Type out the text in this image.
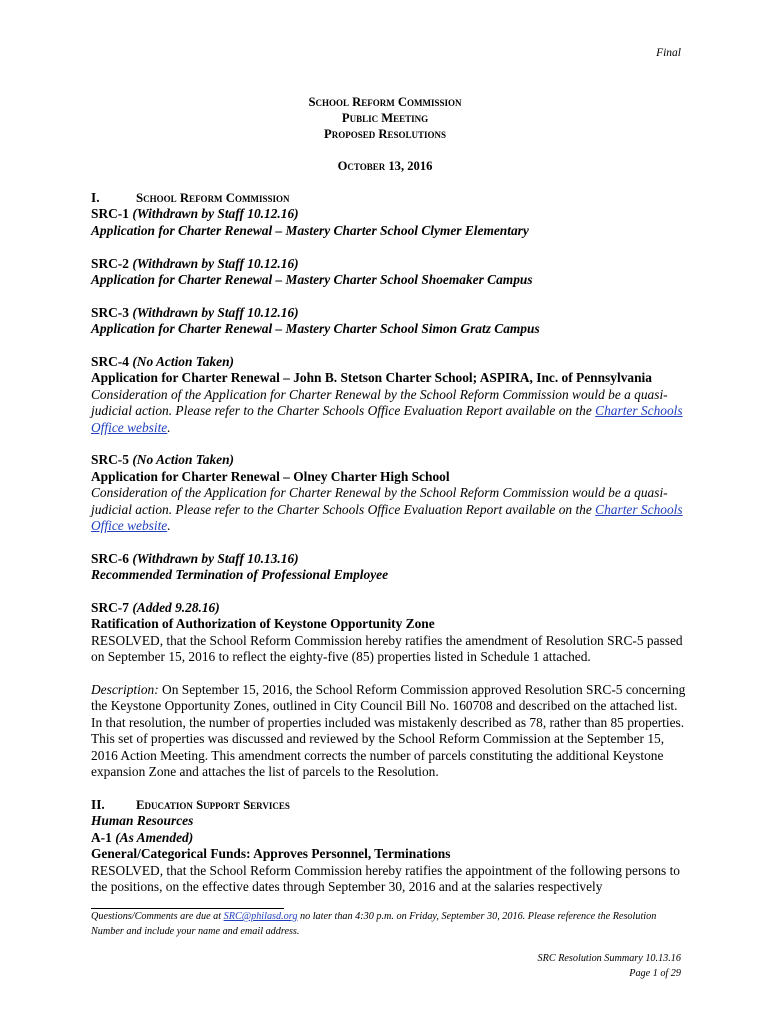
Final
School Reform Commission
Public Meeting
Proposed Resolutions
October 13, 2016
I.	School Reform Commission
SRC-1 (Withdrawn by Staff 10.12.16)
Application for Charter Renewal – Mastery Charter School Clymer Elementary
SRC-2 (Withdrawn by Staff 10.12.16)
Application for Charter Renewal – Mastery Charter School Shoemaker Campus
SRC-3 (Withdrawn by Staff 10.12.16)
Application for Charter Renewal – Mastery Charter School Simon Gratz Campus
SRC-4 (No Action Taken)
Application for Charter Renewal – John B. Stetson Charter School; ASPIRA, Inc. of Pennsylvania
Consideration of the Application for Charter Renewal by the School Reform Commission would be a quasi-judicial action. Please refer to the Charter Schools Office Evaluation Report available on the Charter Schools Office website.
SRC-5 (No Action Taken)
Application for Charter Renewal – Olney Charter High School
Consideration of the Application for Charter Renewal by the School Reform Commission would be a quasi-judicial action. Please refer to the Charter Schools Office Evaluation Report available on the Charter Schools Office website.
SRC-6 (Withdrawn by Staff 10.13.16)
Recommended Termination of Professional Employee
SRC-7 (Added 9.28.16)
Ratification of Authorization of Keystone Opportunity Zone
RESOLVED, that the School Reform Commission hereby ratifies the amendment of Resolution SRC-5 passed on September 15, 2016 to reflect the eighty-five (85) properties listed in Schedule 1 attached.
Description: On September 15, 2016, the School Reform Commission approved Resolution SRC-5 concerning the Keystone Opportunity Zones, outlined in City Council Bill No. 160708 and described on the attached list. In that resolution, the number of properties included was mistakenly described as 78, rather than 85 properties. This set of properties was discussed and reviewed by the School Reform Commission at the September 15, 2016 Action Meeting. This amendment corrects the number of parcels constituting the additional Keystone expansion Zone and attaches the list of parcels to the Resolution.
II. Education Support Services
Human Resources
A-1 (As Amended)
General/Categorical Funds: Approves Personnel, Terminations
RESOLVED, that the School Reform Commission hereby ratifies the appointment of the following persons to the positions, on the effective dates through September 30, 2016 and at the salaries respectively
Questions/Comments are due at SRC@philasd.org no later than 4:30 p.m. on Friday, September 30, 2016. Please reference the Resolution Number and include your name and email address.
SRC Resolution Summary 10.13.16
Page 1 of 29
